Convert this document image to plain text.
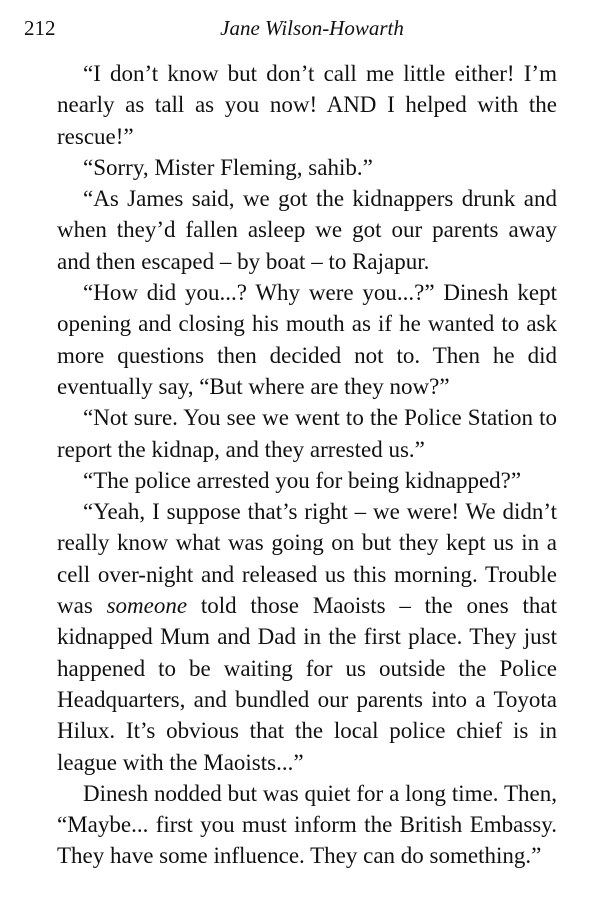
212	Jane Wilson-Howarth

“I don’t know but don’t call me little either! I’m nearly as tall as you now! AND I helped with the rescue!”

“Sorry, Mister Fleming, sahib.”

“As James said, we got the kidnappers drunk and when they’d fallen asleep we got our parents away and then escaped – by boat – to Rajapur.

“How did you...? Why were you...?” Dinesh kept opening and closing his mouth as if he wanted to ask more questions then decided not to. Then he did eventually say, “But where are they now?”

“Not sure. You see we went to the Police Station to report the kidnap, and they arrested us.”

“The police arrested you for being kidnapped?”

“Yeah, I suppose that’s right – we were! We didn’t really know what was going on but they kept us in a cell over-night and released us this morning. Trouble was someone told those Maoists – the ones that kidnapped Mum and Dad in the first place. They just happened to be waiting for us outside the Police Headquarters, and bundled our parents into a Toyota Hilux. It’s obvious that the local police chief is in league with the Maoists...”

Dinesh nodded but was quiet for a long time. Then, “Maybe... first you must inform the British Embassy. They have some influence. They can do something.”
